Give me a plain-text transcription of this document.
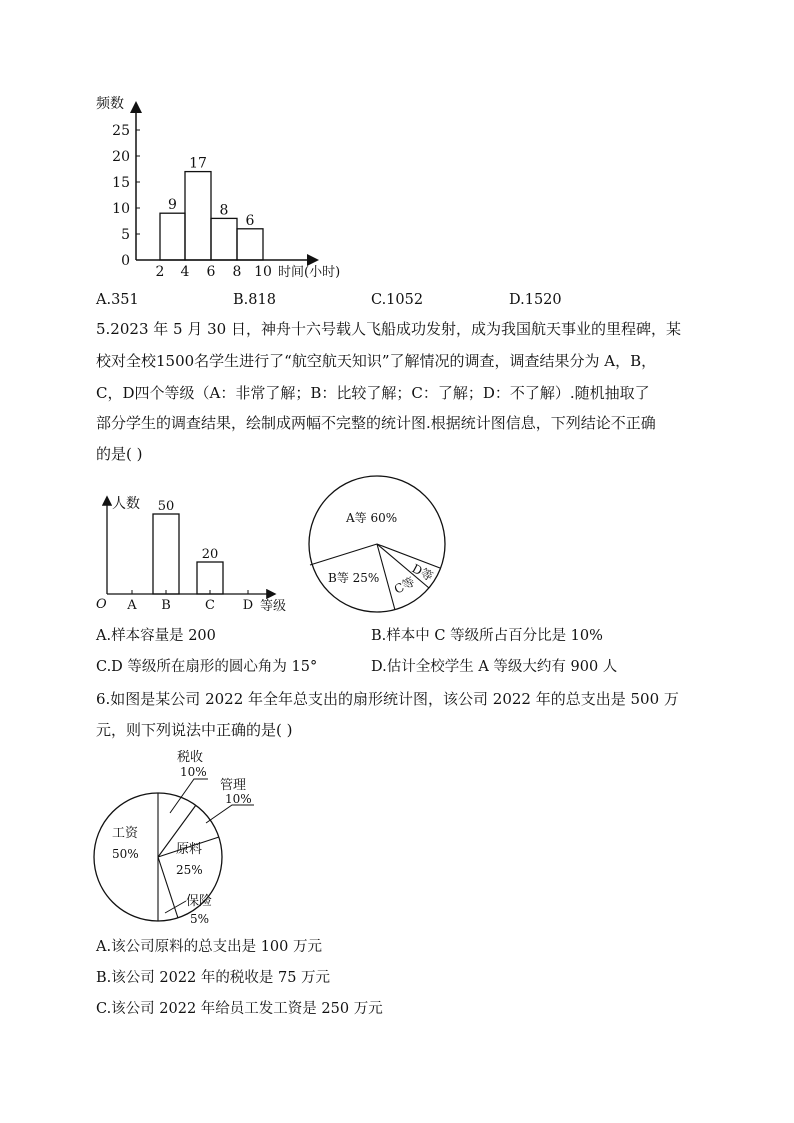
频数
25
20
15
10
5
0
9
17
8
6
2 4 6 8 10 时间(小时)
A.351	B.818	C.1052	D.1520
5.2023 年 5 月 30 日，神舟十六号载人飞船成功发射，成为我国航天事业的里程碑，某
校对全校1500名学生进行了“航空航天知识”了解情况的调查，调查结果分为 A，B，
C，D四个等级（A：非常了解；B：比较了解；C：了解；D：不了解）.随机抽取了
部分学生的调查结果，绘制成两幅不完整的统计图.根据统计图信息，下列结论不正确
的是( )
人数
O
50
20
A B	C D 等级
A等 60%
B等 25% C等
D等
A.样本容量是 200	B.样本中 C 等级所占百分比是 10%
C.D 等级所在扇形的圆心角为 15°	D.估计全校学生 A 等级大约有 900 人
6.如图是某公司 2022 年全年总支出的扇形统计图，该公司 2022 年的总支出是 500 万
元，则下列说法中正确的是( )
工资
50%	原料
25%
税收
10%
管理
10%
保险
5%
A.该公司原料的总支出是 100 万元
B.该公司 2022 年的税收是 75 万元
C.该公司 2022 年给员工发工资是 250 万元
